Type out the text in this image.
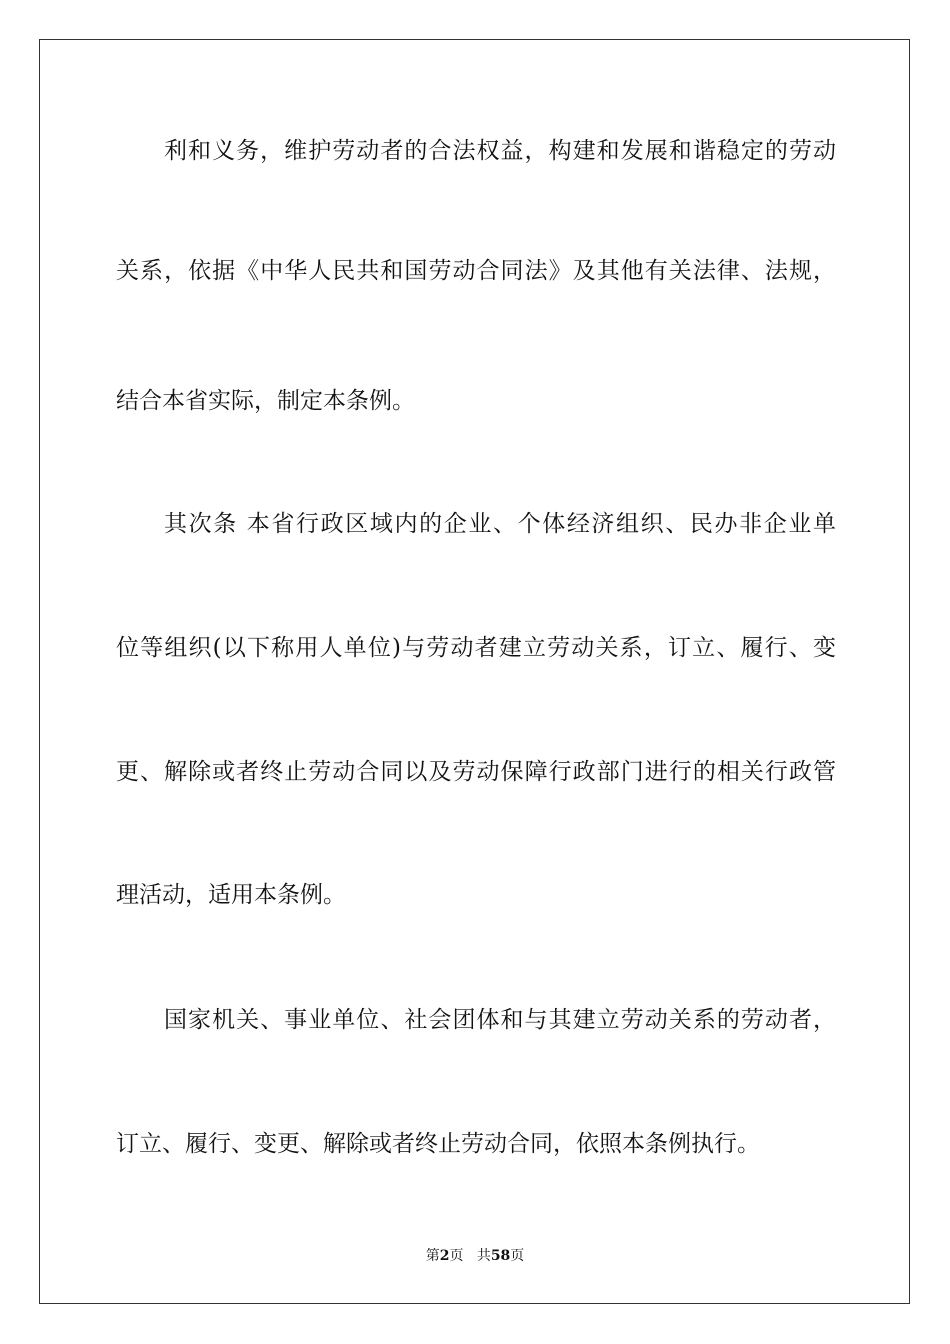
利和义务，维护劳动者的合法权益，构建和发展和谐稳定的劳动
关系，依据《中华人民共和国劳动合同法》及其他有关法律、法规，
结合本省实际，制定本条例。
其次条 本省行政区域内的企业、个体经济组织、民办非企业单
位等组织(以下称用人单位)与劳动者建立劳动关系，订立、履行、变
更、解除或者终止劳动合同以及劳动保障行政部门进行的相关行政管
理活动，适用本条例。
国家机关、事业单位、社会团体和与其建立劳动关系的劳动者，
订立、履行、变更、解除或者终止劳动合同，依照本条例执行。
第2页 共58页
